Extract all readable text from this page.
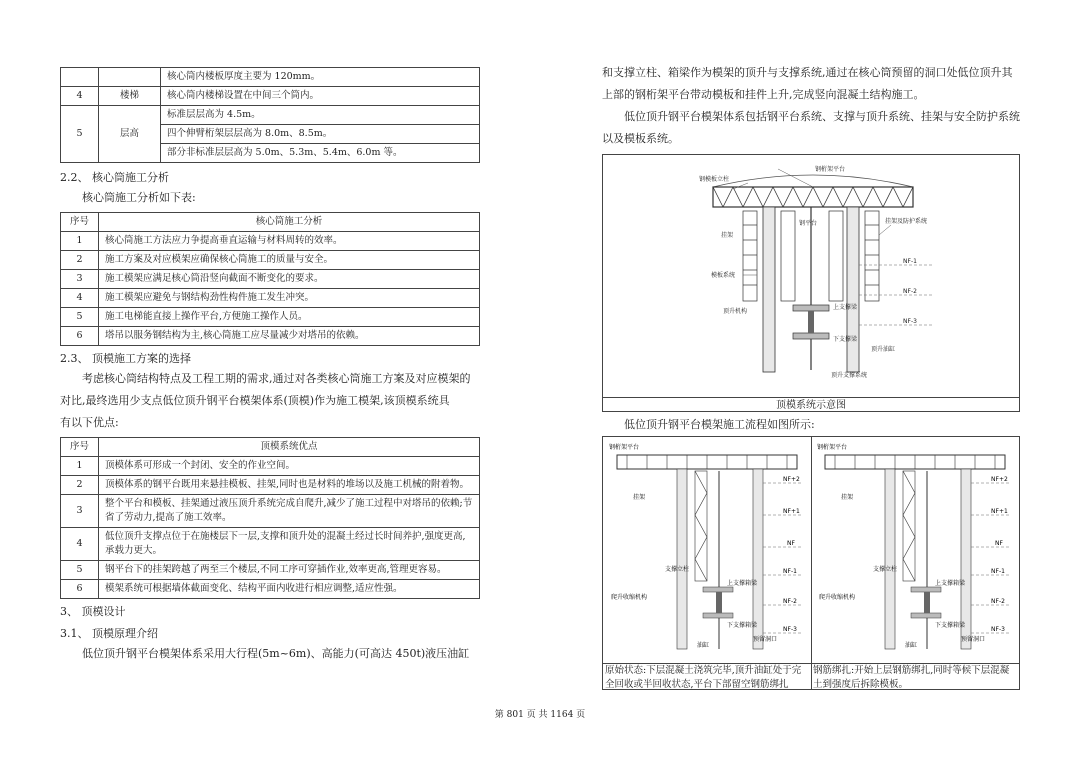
		核心筒内楼板厚度主要为 120mm。
4	楼梯	核心筒内楼梯设置在中间三个筒内。
5	层高	标准层层高为 4.5m。
		四个伸臂桁架层层高为 8.0m、8.5m。
		部分非标准层层高为 5.0m、5.3m、5.4m、6.0m 等。
2.2、 核心筒施工分析
核心筒施工分析如下表:
序号	核心筒施工分析
1	核心筒施工方法应力争提高垂直运输与材料周转的效率。
2	施工方案及对应模架应确保核心筒施工的质量与安全。
3	施工模架应满足核心筒沿竖向截面不断变化的要求。
4	施工模架应避免与钢结构劲性构件施工发生冲突。
5	施工电梯能直接上操作平台,方便施工操作人员。
6	塔吊以服务钢结构为主,核心筒施工应尽量减少对塔吊的依赖。
2.3、 顶模施工方案的选择
考虑核心筒结构特点及工程工期的需求,通过对各类核心筒施工方案及对应模架的
对比,最终选用少支点低位顶升钢平台模架体系(顶模)作为施工模架,该顶模系统具
有以下优点:
序号	顶模系统优点
1	顶模体系可形成一个封闭、安全的作业空间。
2	顶模体系的钢平台既用来悬挂模板、挂架,同时也是材料的堆场以及施工机械的附着物。
3	整个平台和模板、挂架通过液压顶升系统完成自爬升,减少了施工过程中对塔吊的依赖;节省了劳动力,提高了施工效率。
4	低位顶升支撑点位于在施楼层下一层,支撑和顶升处的混凝土经过长时间养护,强度更高,承载力更大。
5	钢平台下的挂架跨越了两至三个楼层,不同工序可穿插作业,效率更高,管理更容易。
6	模架系统可根据墙体截面变化、结构平面内收进行相应调整,适应性强。
3、 顶模设计
3.1、 顶模原理介绍
低位顶升钢平台模架体系采用大行程(5m~6m)、高能力(可高达 450t)液压油缸
和支撑立柱、箱梁作为模架的顶升与支撑系统,通过在核心筒预留的洞口处低位顶升其
上部的钢桁架平台带动模板和挂件上升,完成竖向混凝土结构施工。
低位顶升钢平台模架体系包括钢平台系统、支撑与顶升系统、挂架与安全防护系统
以及模板系统。
钢桁架平台
钢模板立柱
钢平台
挂架
挂架及防护系统
模板系统
顶升机构
上支撑梁
下支撑梁
顶升油缸
顶升支撑系统
NF-1
NF-2
NF-3
顶模系统示意图
低位顶升钢平台模架施工流程如图所示:
钢桁架平台
挂架
支撑立柱
爬升收缩机构
上支撑箱梁
下支撑箱梁
预留洞口
油缸
NF+2
NF+1
NF
NF-1
NF-2
NF-3
原始状态:下层混凝土浇筑完毕,顶升油缸处于完全回收或半回收状态,平台下部留空钢筋绑扎
钢桁架平台
挂架
支撑立柱
爬升收缩机构
上支撑箱梁
下支撑箱梁
预留洞口
油缸
NF+2
NF+1
NF
NF-1
NF-2
NF-3
钢筋绑扎:开始上层钢筋绑扎,同时等候下层混凝土到强度后拆除模板。
第 801 页 共 1164 页
